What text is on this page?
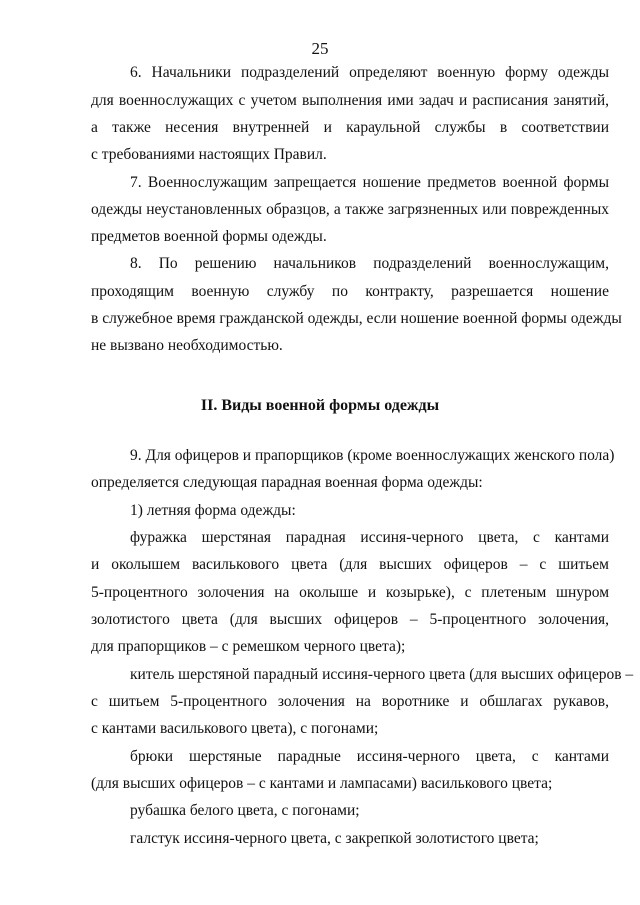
25
6. Начальники подразделений определяют военную форму одежды
для военнослужащих с учетом выполнения ими задач и расписания занятий,
а также несения внутренней и караульной службы в соответствии
с требованиями настоящих Правил.
7. Военнослужащим запрещается ношение предметов военной формы
одежды неустановленных образцов, а также загрязненных или поврежденных
предметов военной формы одежды.
8. По решению начальников подразделений военнослужащим,
проходящим военную службу по контракту, разрешается ношение
в служебное время гражданской одежды, если ношение военной формы одежды
не вызвано необходимостью.
II. Виды военной формы одежды
9. Для офицеров и прапорщиков (кроме военнослужащих женского пола)
определяется следующая парадная военная форма одежды:
1) летняя форма одежды:
фуражка шерстяная парадная иссиня-черного цвета, с кантами
и околышем василькового цвета (для высших офицеров – с шитьем
5-процентного золочения на околыше и козырьке), с плетеным шнуром
золотистого цвета (для высших офицеров – 5-процентного золочения,
для прапорщиков – с ремешком черного цвета);
китель шерстяной парадный иссиня-черного цвета (для высших офицеров –
с шитьем 5-процентного золочения на воротнике и обшлагах рукавов,
с кантами василькового цвета), с погонами;
брюки шерстяные парадные иссиня-черного цвета, с кантами
(для высших офицеров – с кантами и лампасами) василькового цвета;
рубашка белого цвета, с погонами;
галстук иссиня-черного цвета, с закрепкой золотистого цвета;
